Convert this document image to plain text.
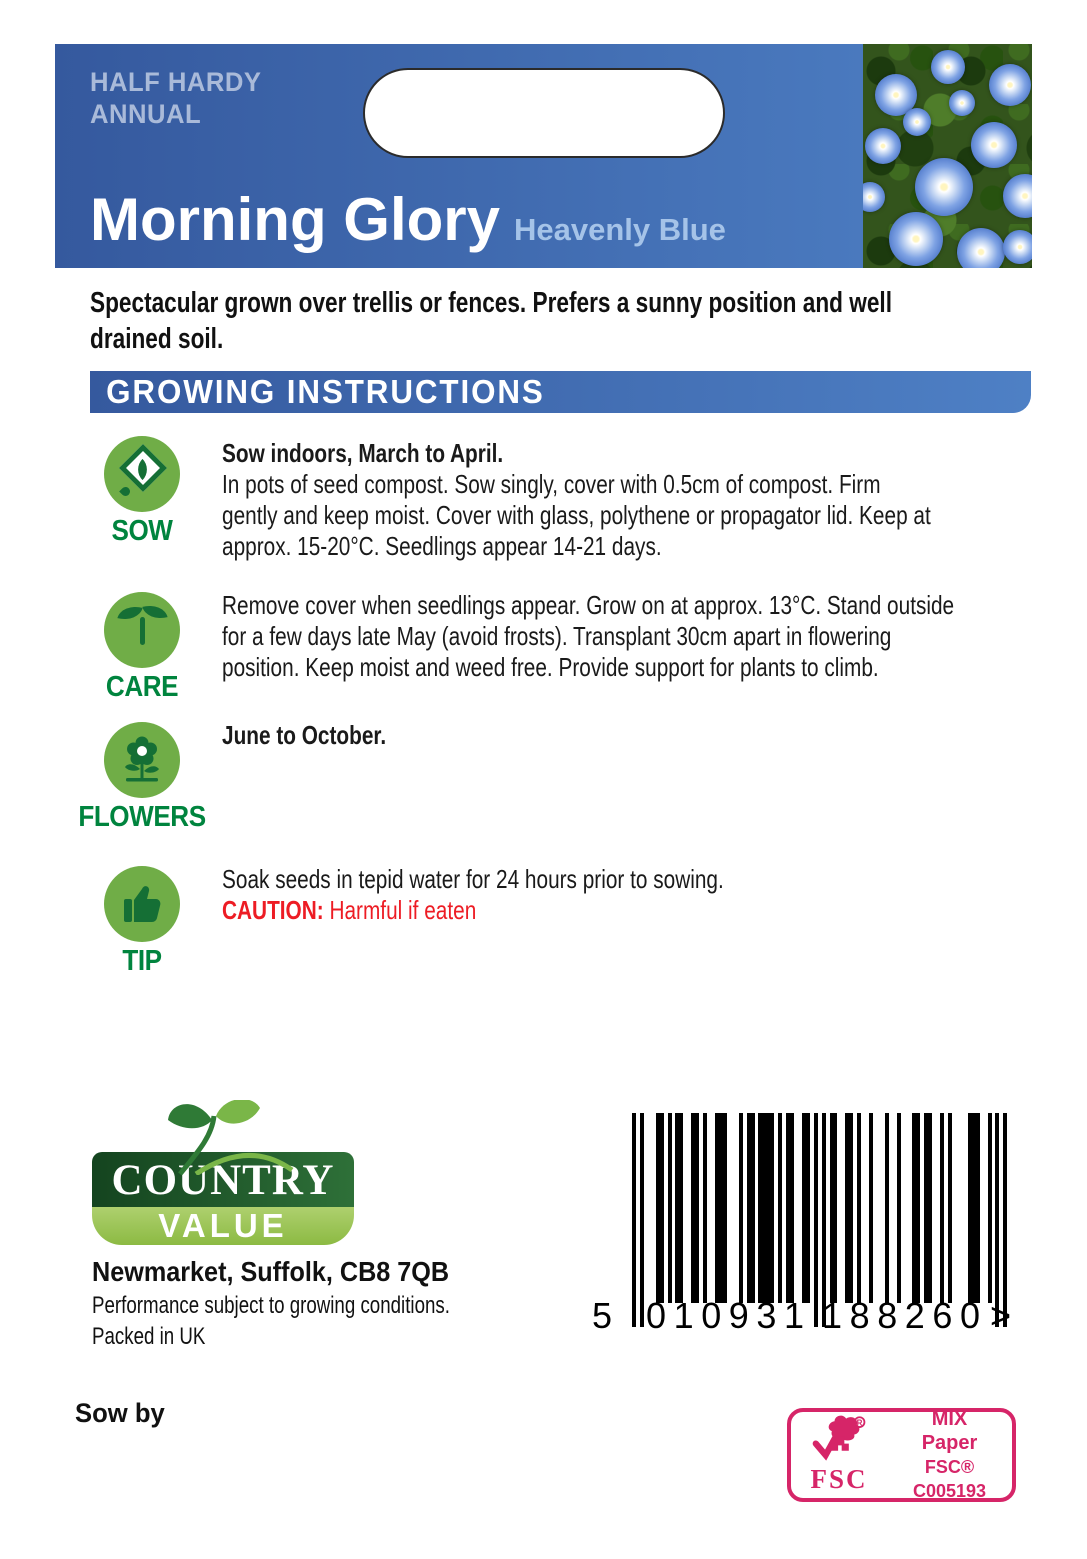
HALF HARDY
ANNUAL
Morning Glory Heavenly Blue
Spectacular grown over trellis or fences. Prefers a sunny position and well
drained soil.
GROWING INSTRUCTIONS
SOW
Sow indoors, March to April.
In pots of seed compost. Sow singly, cover with 0.5cm of compost. Firm
gently and keep moist. Cover with glass, polythene or propagator lid. Keep at
approx. 15-20°C. Seedlings appear 14-21 days.
CARE
Remove cover when seedlings appear. Grow on at approx. 13°C. Stand outside
for a few days late May (avoid frosts). Transplant 30cm apart in flowering
position. Keep moist and weed free. Provide support for plants to climb.
FLOWERS
June to October.
TIP
Soak seeds in tepid water for 24 hours prior to sowing.
CAUTION: Harmful if eaten
COUNTRY
VALUE
Newmarket, Suffolk, CB8 7QB
Performance subject to growing conditions.
Packed in UK
5 0 1 0 9 3 1 1 8 8 2 6 0 >
Sow by	R
FSC
MIX
Paper
FSC® C005193
